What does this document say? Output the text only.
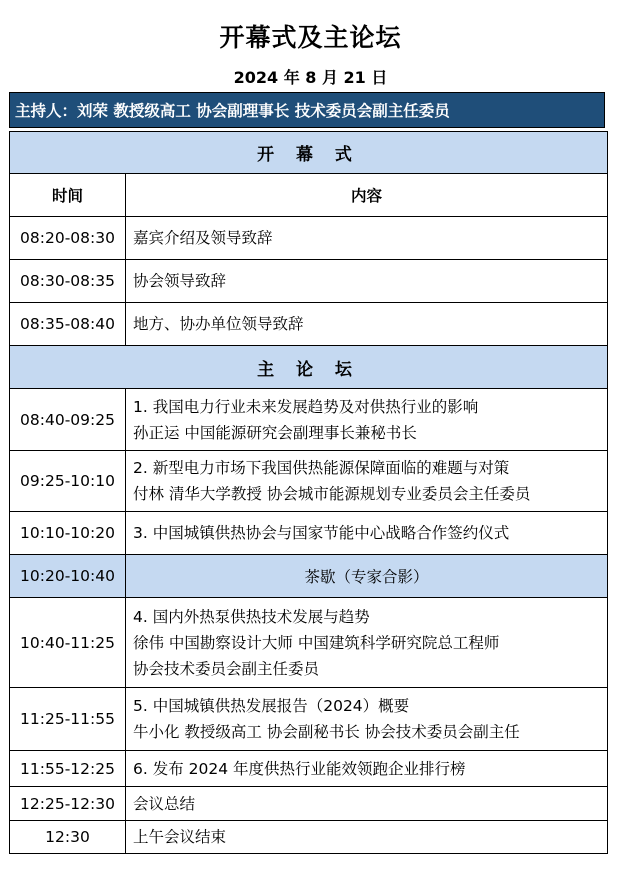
开幕式及主论坛
2024 年 8 月 21 日
主持人：刘荣 教授级高工 协会副理事长 技术委员会副主任委员
开 幕 式	
时间	内容
08:20-08:30	嘉宾介绍及领导致辞
08:30-08:35	协会领导致辞
08:35-08:40	地方、协办单位领导致辞
主 论 坛	
08:40-09:25	1. 我国电力行业未来发展趋势及对供热行业的影响
孙正运 中国能源研究会副理事长兼秘书长

09:25-10:10	2. 新型电力市场下我国供热能源保障面临的难题与对策
付林 清华大学教授 协会城市能源规划专业委员会主任委员

10:10-10:20	3. 中国城镇供热协会与国家节能中心战略合作签约仪式

10:20-10:40	茶歇（专家合影）
10:40-11:25	4. 国内外热泵供热技术发展与趋势
徐伟 中国勘察设计大师 中国建筑科学研究院总工程师
协会技术委员会副主任委员

11:25-11:55	5. 中国城镇供热发展报告（2024）概要
牛小化 教授级高工 协会副秘书长 协会技术委员会副主任

11:55-12:25	6. 发布 2024 年度供热行业能效领跑企业排行榜

12:25-12:30	会议总结

12:30	上午会议结束
